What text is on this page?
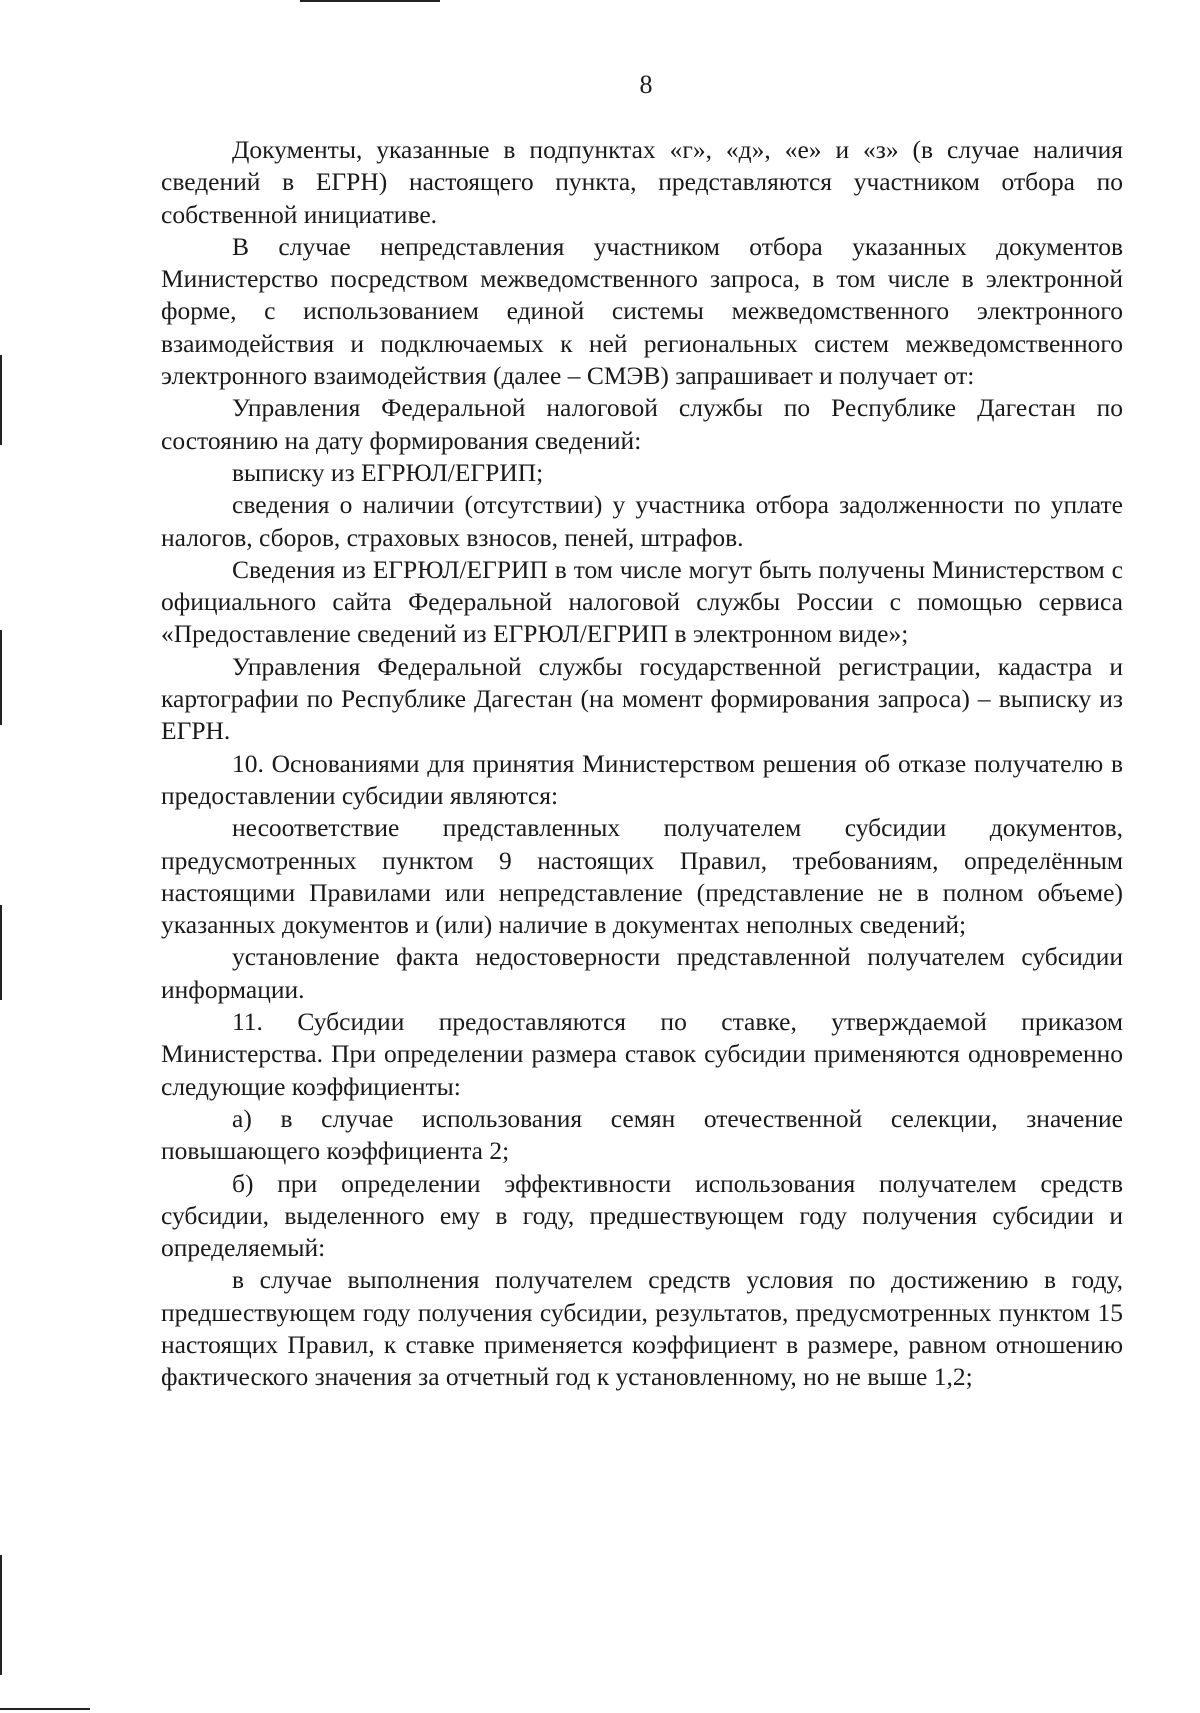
8

Документы, указанные в подпунктах «г», «д», «е» и «з» (в случае наличия сведений в ЕГРН) настоящего пункта, представляются участником отбора по собственной инициативе.

В случае непредставления участником отбора указанных документов Министерство посредством межведомственного запроса, в том числе в электронной форме, с использованием единой системы межведомственного электронного взаимодействия и подключаемых к ней региональных систем межведомственного электронного взаимодействия (далее – СМЭВ) запрашивает и получает от:

Управления Федеральной налоговой службы по Республике Дагестан по состоянию на дату формирования сведений:

выписку из ЕГРЮЛ/ЕГРИП;

сведения о наличии (отсутствии) у участника отбора задолженности по уплате налогов, сборов, страховых взносов, пеней, штрафов.

Сведения из ЕГРЮЛ/ЕГРИП в том числе могут быть получены Министерством с официального сайта Федеральной налоговой службы России с помощью сервиса «Предоставление сведений из ЕГРЮЛ/ЕГРИП в электронном виде»;

Управления Федеральной службы государственной регистрации, кадастра и картографии по Республике Дагестан (на момент формирования запроса) – выписку из ЕГРН.

10. Основаниями для принятия Министерством решения об отказе получателю в предоставлении субсидии являются:

несоответствие представленных получателем субсидии документов, предусмотренных пунктом 9 настоящих Правил, требованиям, определённым настоящими Правилами или непредставление (представление не в полном объеме) указанных документов и (или) наличие в документах неполных сведений;

установление факта недостоверности представленной получателем субсидии информации.

11. Субсидии предоставляются по ставке, утверждаемой приказом Министерства. При определении размера ставок субсидии применяются одновременно следующие коэффициенты:

а) в случае использования семян отечественной селекции, значение повышающего коэффициента 2;

б) при определении эффективности использования получателем средств субсидии, выделенного ему в году, предшествующем году получения субсидии и определяемый:

в случае выполнения получателем средств условия по достижению в году, предшествующем году получения субсидии, результатов, предусмотренных пунктом 15 настоящих Правил, к ставке применяется коэффициент в размере, равном отношению фактического значения за отчетный год к установленному, но не выше 1,2;
